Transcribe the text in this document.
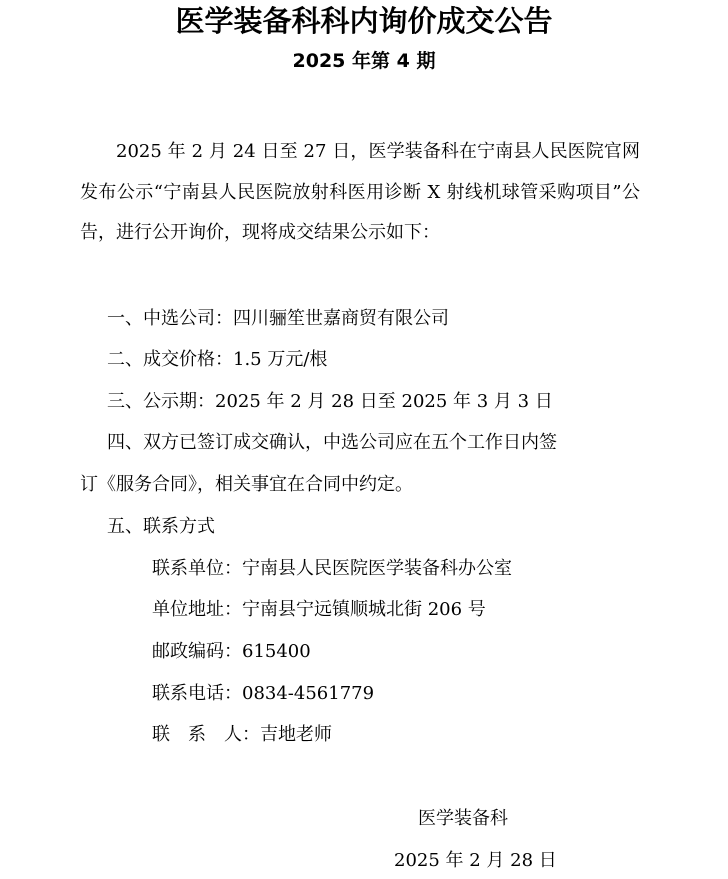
医学装备科科内询价成交公告
2025 年第 4 期

2025 年 2 月 24 日至 27 日，医学装备科在宁南县人民医院官网发布公示“宁南县人民医院放射科医用诊断 X 射线机球管采购项目”公告，进行公开询价，现将成交结果公示如下：

一、中选公司：四川骊笙世嘉商贸有限公司

二、成交价格：1.5 万元/根

三、公示期：2025 年 2 月 28 日至 2025 年 3 月 3 日

四、双方已签订成交确认，中选公司应在五个工作日内签

订《服务合同》，相关事宜在合同中约定。

五、联系方式

联系单位：宁南县人民医院医学装备科办公室

单位地址：宁南县宁远镇顺城北街 206 号

邮政编码：615400

联系电话：0834-4561779

联　系　人：吉地老师

医学装备科
2025 年 2 月 28 日
